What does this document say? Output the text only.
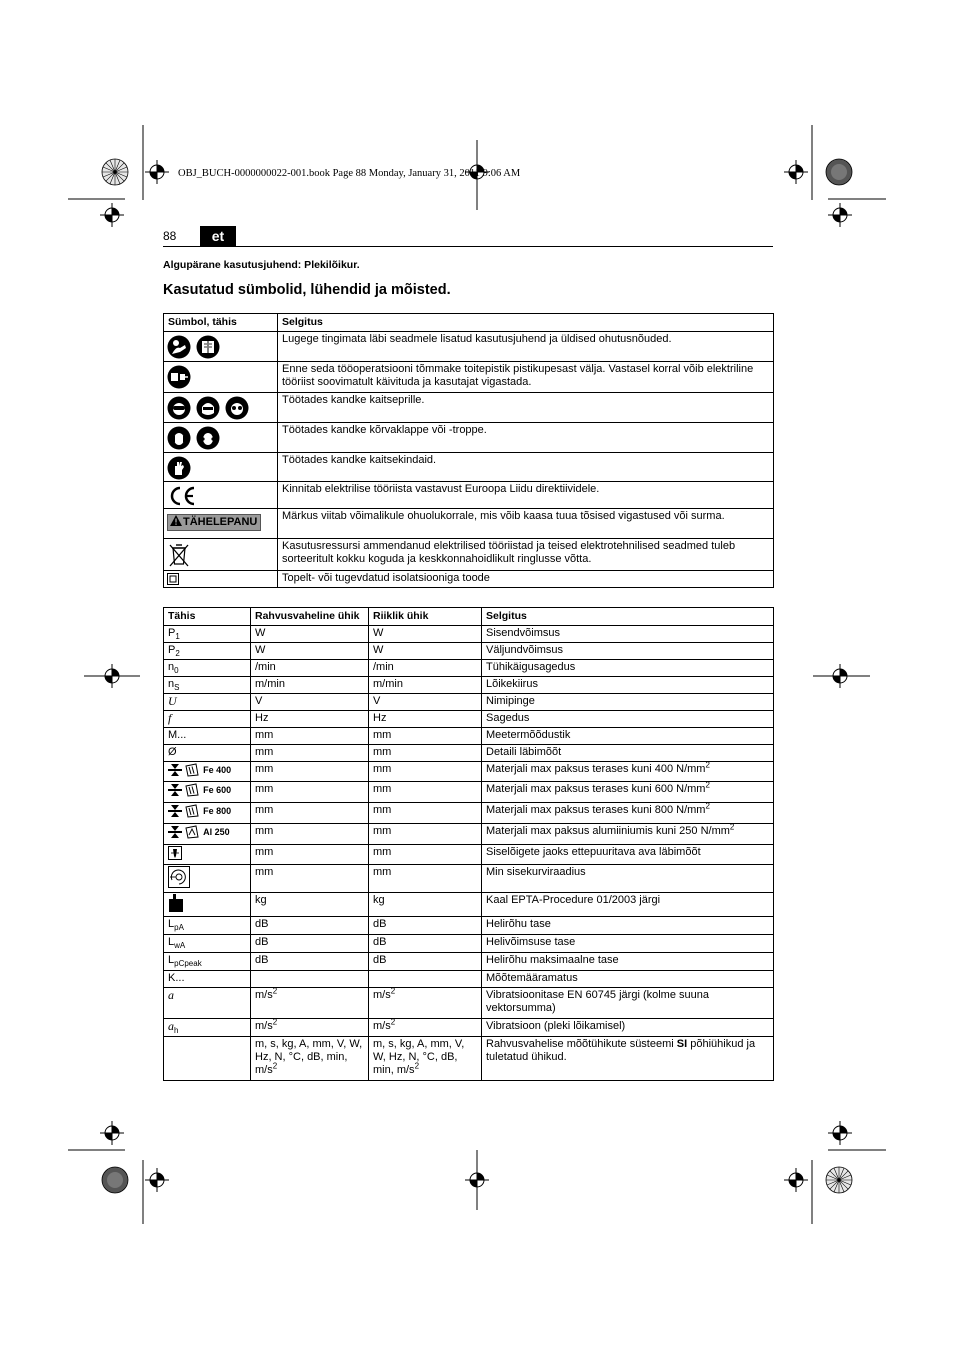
OBJ_BUCH-0000000022-001.book Page 88 Monday, January 31, 2011 9:06 AM
88	et
Algupärane kasutusjuhend: Plekilõikur.
Kasutatud sümbolid, lühendid ja mõisted.
Sümbol, tähis	Selgitus
	Lugege tingimata läbi seadmele lisatud kasutusjuhend ja üldised ohutusnõuded.
	Enne seda tööoperatsiooni tõmmake toitepistik pistikupesast välja. Vastasel korral võib elektriline tööriist soovimatult käivituda ja kasutajat vigastada.
	Töötades kandke kaitseprille.
	Töötades kandke kõrvaklappe või -troppe.
	Töötades kandke kaitsekindaid.
	Kinnitab elektrilise tööriista vastavust Euroopa Liidu direktiividele.
TÄHELEPANU	Märkus viitab võimalikule ohuolukorrale, mis võib kaasa tuua tõsised vigastused või surma.
	Kasutusressursi ammendanud elektrilised tööriistad ja teised elektrotehnilised seadmed tuleb sorteeritult kokku koguda ja keskkonnahoidlikult ringlusse võtta.
	Topelt- või tugevdatud isolatsiooniga toode
Tähis	Rahvusvaheline ühik	Riiklik ühik	Selgitus
$P_1$	W	W	Sisendvõimsus
$P_2$	W	W	Väljundvõimsus
$n_0$	/min	/min	Tühikäigusagedus
$n_S$	m/min	m/min	Lõikekiirus
U	V	V	Nimipinge
f	Hz	Hz	Sagedus
M...	mm	mm	Meetermõõdustik
Ø	mm	mm	Detaili läbimõõt
$^{Fe 400}$	mm	mm	Materjali max paksus terases kuni 400 $N/mm^2$
$^{Fe 600}$	mm	mm	Materjali max paksus terases kuni 600 $N/mm^2$
$^{Fe 800}$	mm	mm	Materjali max paksus terases kuni 800 $N/mm^2$
$^{Al 250}$	mm	mm	Materjali max paksus alumiiniumis kuni 250 $N/mm^2$
	mm	mm	Siselõigete jaoks ettepuuritava ava läbimõõt
	mm	mm	Min sisekurviraadius
	kg	kg	Kaal EPTA-Procedure 01/2003 järgi
$L_{pA}$	dB	dB	Helirõhu tase
$L_{wA}$	dB	dB	Helivõimsuse tase
$L_{pCpeak}$	dB	dB	Helirõhu maksimaalne tase
K...			Mõõtemääramatus
a	$m/s^2$	$m/s^2$	Vibratsioonitase EN 60745 järgi (kolme suuna vektorsumma)
$a_h$	$m/s^2$	$m/s^2$	Vibratsioon (pleki lõikamisel)
	m, s, kg, A, mm, V, W, Hz, N, °C, dB, min, $m/s^2$	m, s, kg, A, mm, V, W, Hz, N, °C, dB, min, $m/s^2$	Rahvusvahelise mõõtühikute süsteemi SI põhiühikud ja tuletatud ühikud.
